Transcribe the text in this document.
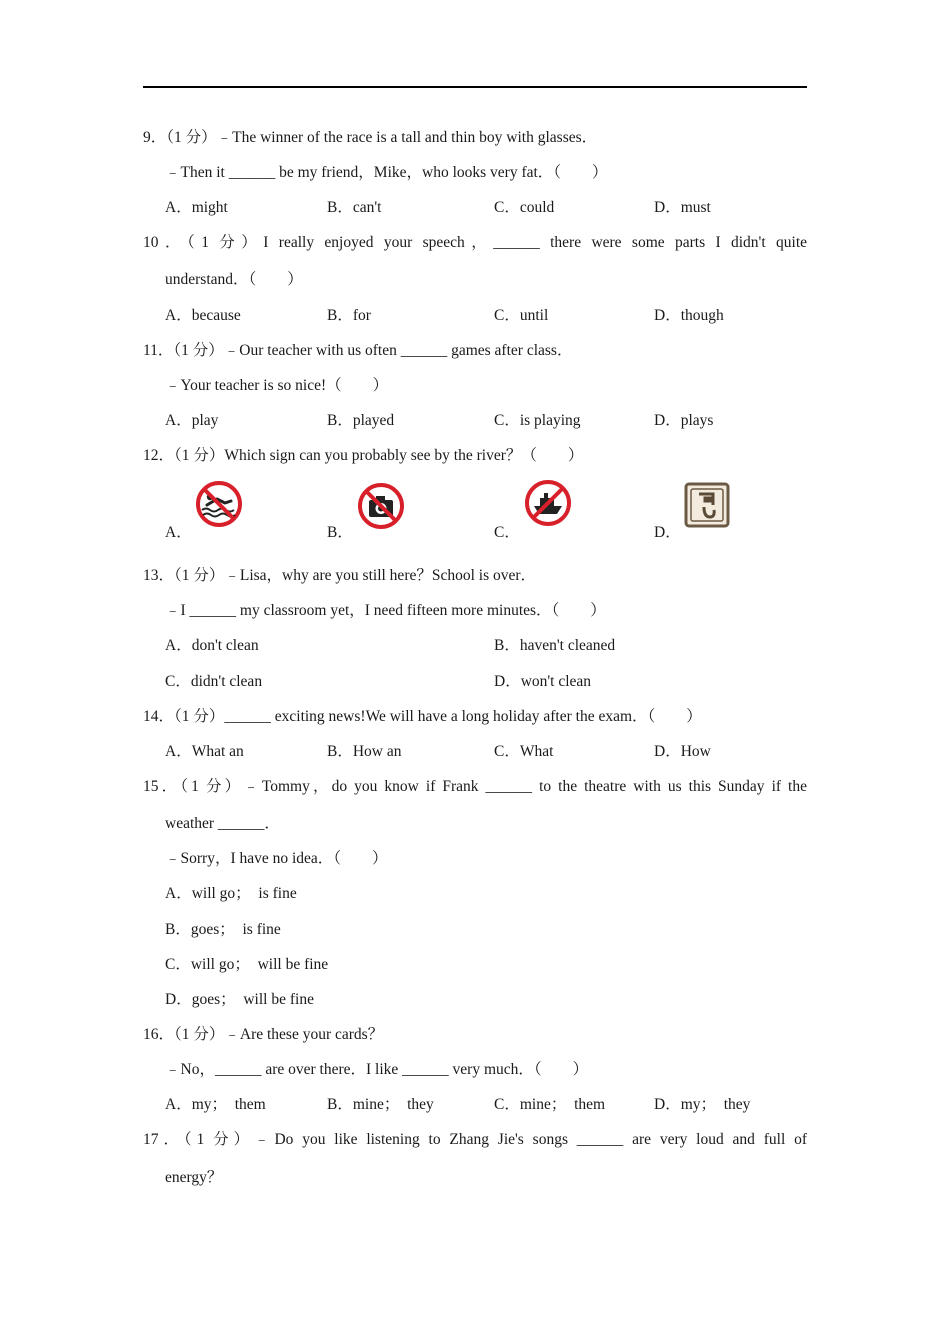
9．（1 分）﹣The winner of the race is a tall and thin boy with glasses．
﹣Then it ______ be my friend，Mike，who looks very fat．（　　）
A．might	B．can't	C．could	D．must
10．（1 分）I really enjoyed your speech，______ there were some parts I didn't quite
understand．（　　）
A．because	B．for	C．until	D．though
11．（1 分）﹣Our teacher with us often ______ games after class．
﹣Your teacher is so nice!（　　）
A．play	B．played	C．is playing	D．plays
12．（1 分）Which sign can you probably see by the river？（　　）
A．	B．	C．	D．
13．（1 分）﹣Lisa，why are you still here？School is over．
﹣I ______ my classroom yet，I need fifteen more minutes．（　　）
A．don't clean	B．haven't cleaned
C．didn't clean	D．won't clean
14．（1 分）______ exciting news!We will have a long holiday after the exam．（　　）
A．What an	B．How an	C．What	D．How
15．（1 分）﹣Tommy，do you know if Frank ______ to the theatre with us this Sunday if the
weather ______．
﹣Sorry，I have no idea．（　　）
A．will go；　is fine
B．goes；　is fine
C．will go；　will be fine
D．goes；　will be fine
16．（1 分）﹣Are these your cards？
﹣No，______ are over there．I like ______ very much．（　　）
A．my；　them	B．mine；　they	C．mine；　them	D．my；　they
17．（1 分）﹣Do you like listening to Zhang Jie's songs ______ are very loud and full of
energy？
